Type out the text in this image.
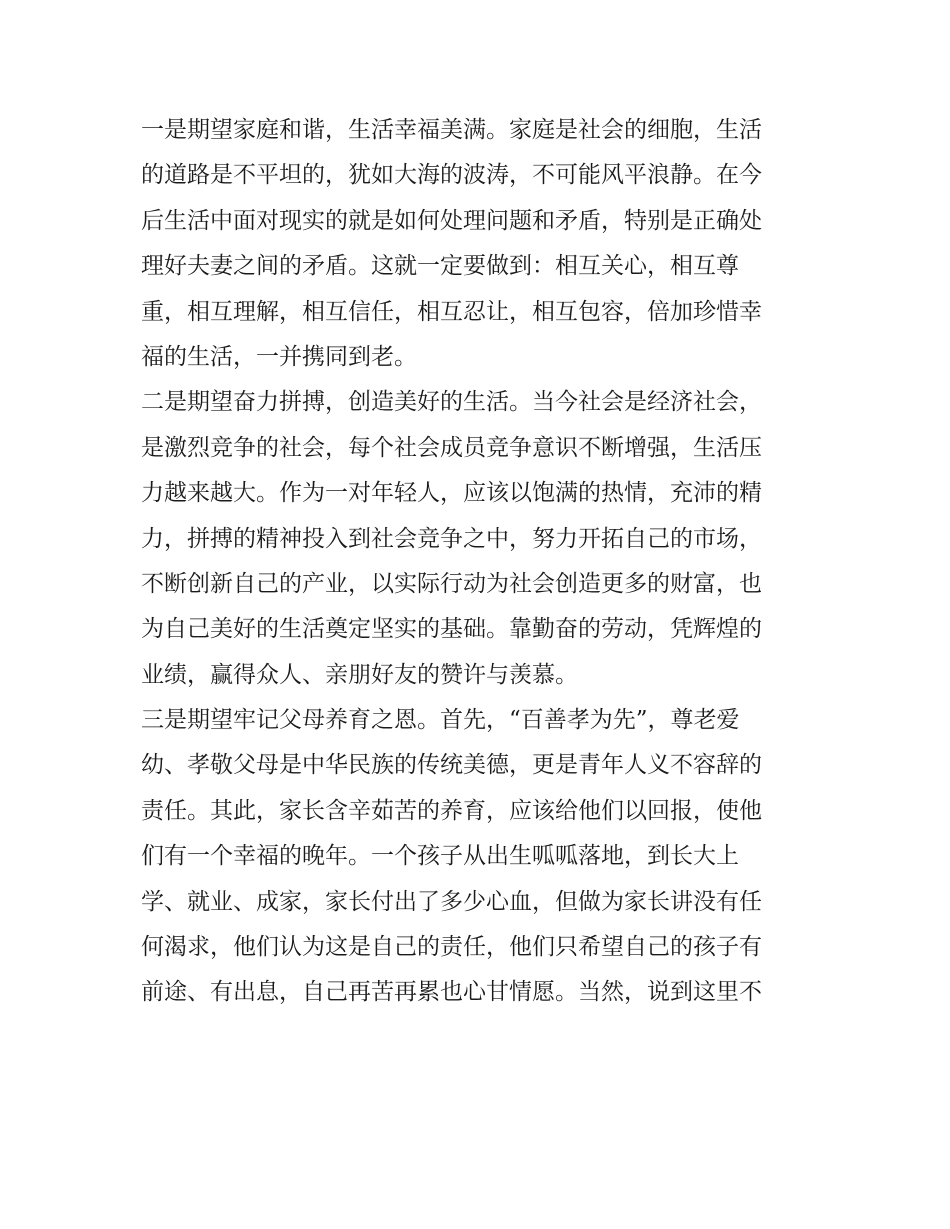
一是期望家庭和谐，生活幸福美满。家庭是社会的细胞，生活
的道路是不平坦的，犹如大海的波涛，不可能风平浪静。在今
后生活中面对现实的就是如何处理问题和矛盾，特别是正确处
理好夫妻之间的矛盾。这就一定要做到：相互关心，相互尊
重，相互理解，相互信任，相互忍让，相互包容，倍加珍惜幸
福的生活，一并携同到老。
二是期望奋力拼搏，创造美好的生活。当今社会是经济社会，
是激烈竞争的社会，每个社会成员竞争意识不断增强，生活压
力越来越大。作为一对年轻人，应该以饱满的热情，充沛的精
力，拼搏的精神投入到社会竞争之中，努力开拓自己的市场，
不断创新自己的产业，以实际行动为社会创造更多的财富，也
为自己美好的生活奠定坚实的基础。靠勤奋的劳动，凭辉煌的
业绩，赢得众人、亲朋好友的赞许与羡慕。
三是期望牢记父母养育之恩。首先，“百善孝为先”，尊老爱
幼、孝敬父母是中华民族的传统美德，更是青年人义不容辞的
责任。其此，家长含辛茹苦的养育，应该给他们以回报，使他
们有一个幸福的晚年。一个孩子从出生呱呱落地，到长大上
学、就业、成家，家长付出了多少心血，但做为家长讲没有任
何渴求，他们认为这是自己的责任，他们只希望自己的孩子有
前途、有出息，自己再苦再累也心甘情愿。当然，说到这里不
